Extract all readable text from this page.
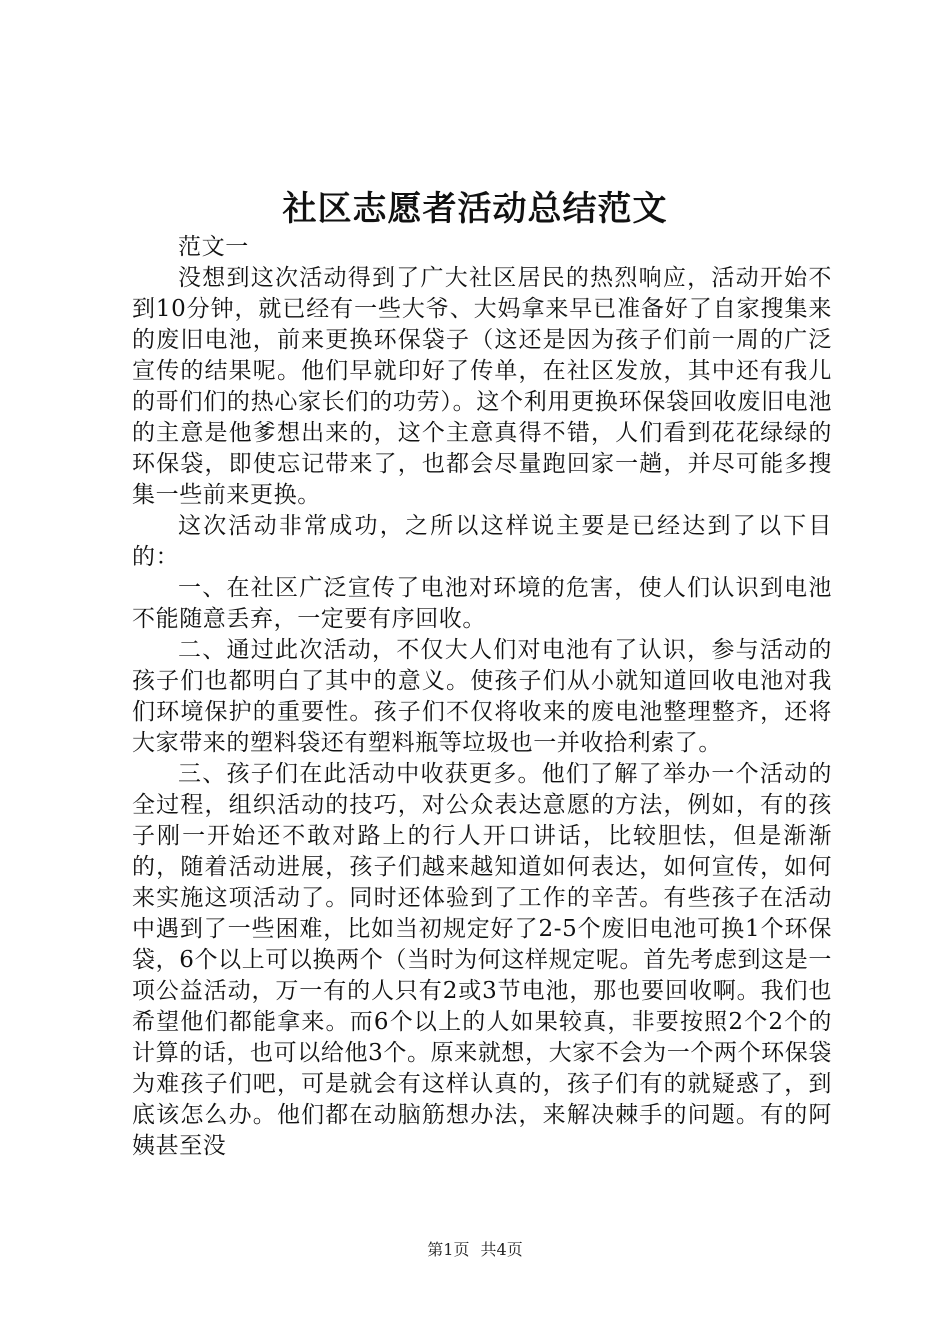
社区志愿者活动总结范文

范文一

没想到这次活动得到了广大社区居民的热烈响应，活动开始不到10分钟，就已经有一些大爷、大妈拿来早已准备好了自家搜集来的废旧电池，前来更换环保袋子（这还是因为孩子们前一周的广泛宣传的结果呢。他们早就印好了传单，在社区发放，其中还有我儿的哥们们的热心家长们的功劳）。这个利用更换环保袋回收废旧电池的主意是他爹想出来的，这个主意真得不错，人们看到花花绿绿的环保袋，即使忘记带来了，也都会尽量跑回家一趟，并尽可能多搜集一些前来更换。

这次活动非常成功，之所以这样说主要是已经达到了以下目的：

一、在社区广泛宣传了电池对环境的危害，使人们认识到电池不能随意丢弃，一定要有序回收。

二、通过此次活动，不仅大人们对电池有了认识，参与活动的孩子们也都明白了其中的意义。使孩子们从小就知道回收电池对我们环境保护的重要性。孩子们不仅将收来的废电池整理整齐，还将大家带来的塑料袋还有塑料瓶等垃圾也一并收拾利索了。

三、孩子们在此活动中收获更多。他们了解了举办一个活动的全过程，组织活动的技巧，对公众表达意愿的方法，例如，有的孩子刚一开始还不敢对路上的行人开口讲话，比较胆怯，但是渐渐的，随着活动进展，孩子们越来越知道如何表达，如何宣传，如何来实施这项活动了。同时还体验到了工作的辛苦。有些孩子在活动中遇到了一些困难，比如当初规定好了2-5个废旧电池可换1个环保袋，6个以上可以换两个（当时为何这样规定呢。首先考虑到这是一项公益活动，万一有的人只有2或3节电池，那也要回收啊。我们也希望他们都能拿来。而6个以上的人如果较真，非要按照2个2个的计算的话，也可以给他3个。原来就想，大家不会为一个两个环保袋为难孩子们吧，可是就会有这样认真的，孩子们有的就疑惑了，到底该怎么办。他们都在动脑筋想办法，来解决棘手的问题。有的阿姨甚至没

第1页 共4页
